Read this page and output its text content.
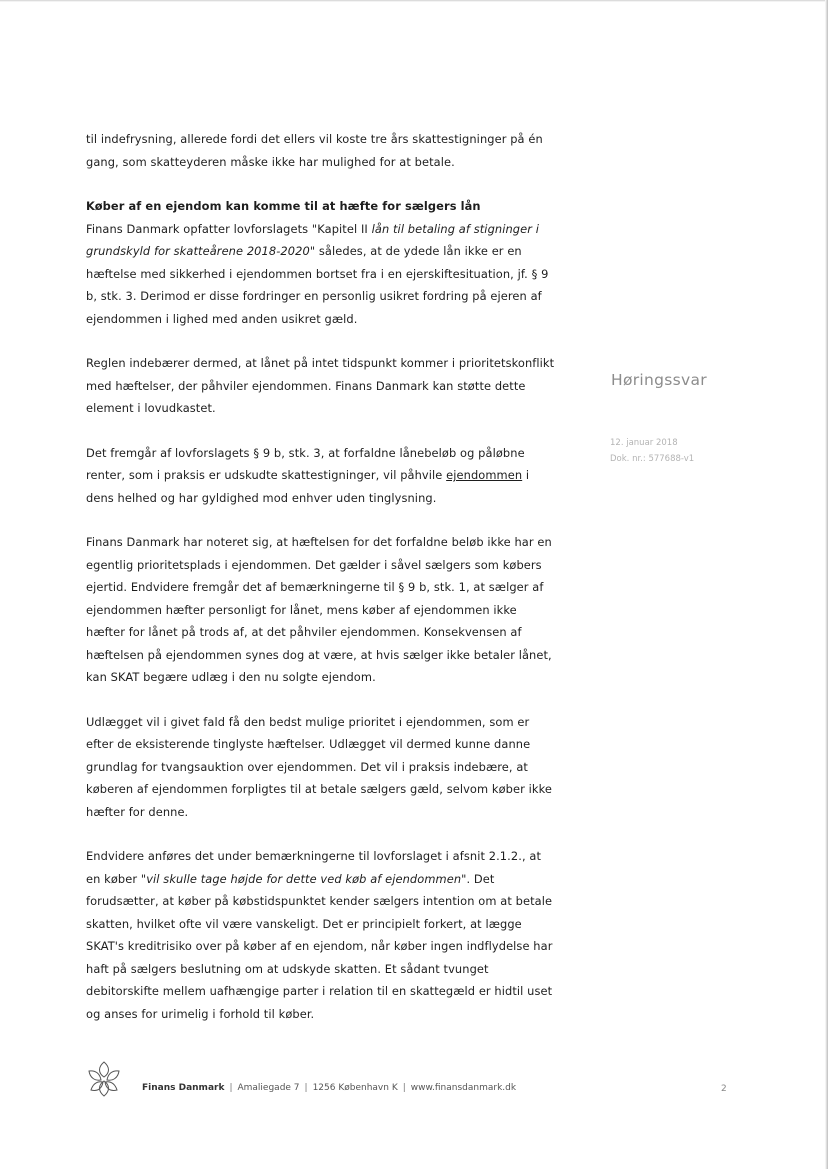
til indefrysning, allerede fordi det ellers vil koste tre års skattestigninger på én gang, som skatteyderen måske ikke har mulighed for at betale.

Køber af en ejendom kan komme til at hæfte for sælgers lån

Finans Danmark opfatter lovforslagets "Kapitel II lån til betaling af stigninger i grundskyld for skatteårene 2018-2020" således, at de ydede lån ikke er en hæftelse med sikkerhed i ejendommen bortset fra i en ejerskiftesituation, jf. § 9 b, stk. 3. Derimod er disse fordringer en personlig usikret fordring på ejeren af ejendommen i lighed med anden usikret gæld.

Reglen indebærer dermed, at lånet på intet tidspunkt kommer i prioritetskonflikt med hæftelser, der påhviler ejendommen. Finans Danmark kan støtte dette element i lovudkastet.

Det fremgår af lovforslagets § 9 b, stk. 3, at forfaldne lånebeløb og påløbne renter, som i praksis er udskudte skattestigninger, vil påhvile ejendommen i dens helhed og har gyldighed mod enhver uden tinglysning.

Finans Danmark har noteret sig, at hæftelsen for det forfaldne beløb ikke har en egentlig prioritetsplads i ejendommen. Det gælder i såvel sælgers som købers ejertid. Endvidere fremgår det af bemærkningerne til § 9 b, stk. 1, at sælger af ejendommen hæfter personligt for lånet, mens køber af ejendommen ikke hæfter for lånet på trods af, at det påhviler ejendommen. Konsekvensen af hæftelsen på ejendommen synes dog at være, at hvis sælger ikke betaler lånet, kan SKAT begære udlæg i den nu solgte ejendom.

Udlægget vil i givet fald få den bedst mulige prioritet i ejendommen, som er efter de eksisterende tinglyste hæftelser. Udlægget vil dermed kunne danne grundlag for tvangsauktion over ejendommen. Det vil i praksis indebære, at køberen af ejendommen forpligtes til at betale sælgers gæld, selvom køber ikke hæfter for denne.

Endvidere anføres det under bemærkningerne til lovforslaget i afsnit 2.1.2., at en køber "vil skulle tage højde for dette ved køb af ejendommen". Det forudsætter, at køber på købstidspunktet kender sælgers intention om at betale skatten, hvilket ofte vil være vanskeligt. Det er principielt forkert, at lægge SKAT's kreditrisiko over på køber af en ejendom, når køber ingen indflydelse har haft på sælgers beslutning om at udskyde skatten. Et sådant tvunget debitorskifte mellem uafhængige parter i relation til en skattegæld er hidtil uset og anses for urimelig i forhold til køber.

Høringssvar
12. januar 2018
Dok. nr.: 577688-v1
Finans Danmark | Amaliegade 7 | 1256 København K | www.finansdanmark.dk	2
